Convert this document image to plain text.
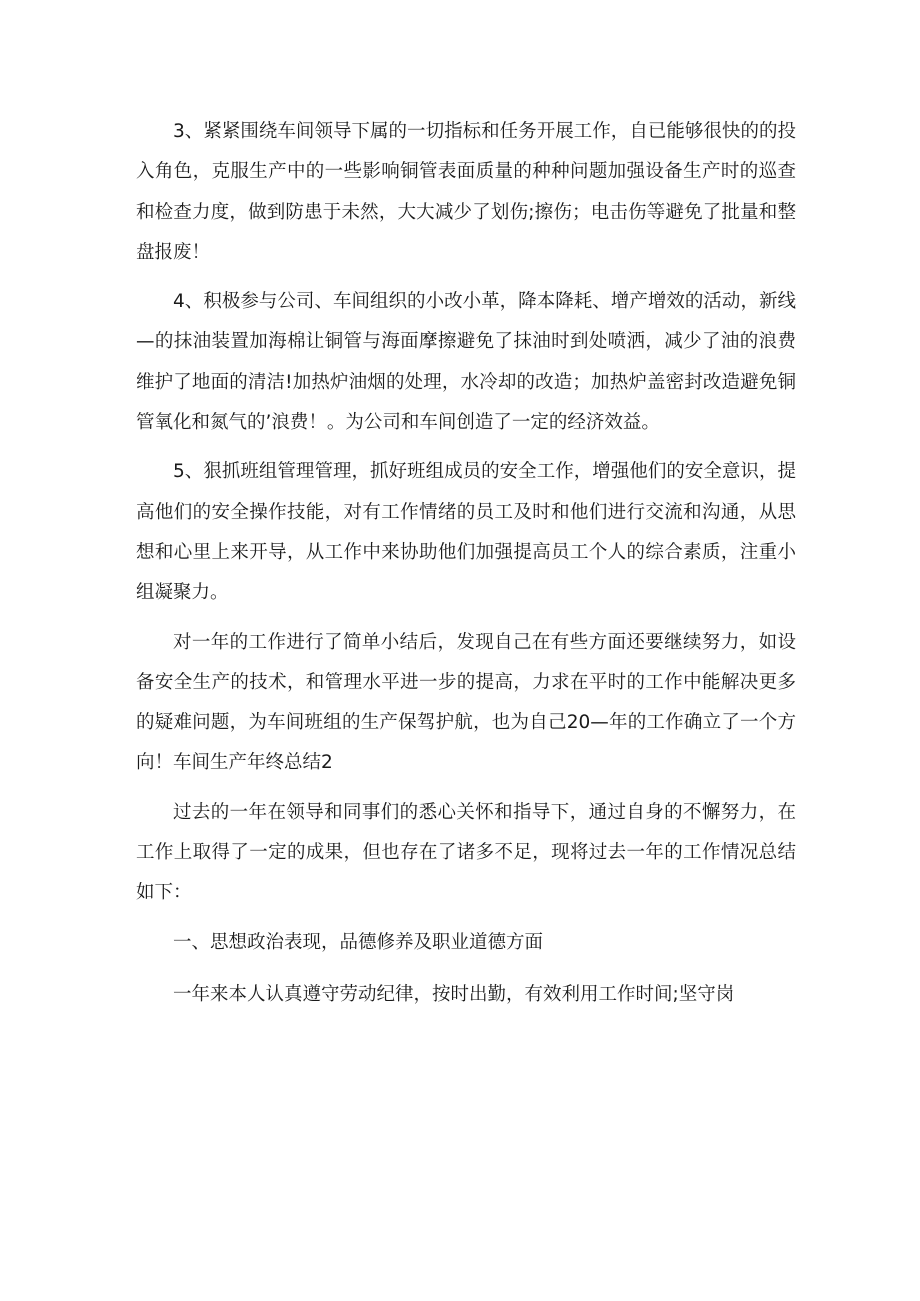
3、紧紧围绕车间领导下属的一切指标和任务开展工作，自已能够很快的的投入角色，克服生产中的一些影响铜管表面质量的种种问题加强设备生产时的巡查和检查力度，做到防患于未然，大大减少了划伤;擦伤；电击伤等避免了批量和整盘报废！

4、积极参与公司、车间组织的小改小革，降本降耗、增产增效的活动，新线—的抹油装置加海棉让铜管与海面摩擦避免了抹油时到处喷洒，减少了油的浪费维护了地面的清洁!加热炉油烟的处理，水冷却的改造；加热炉盖密封改造避免铜管氧化和氮气的’浪费！。为公司和车间创造了一定的经济效益。

5、狠抓班组管理管理，抓好班组成员的安全工作，增强他们的安全意识，提高他们的安全操作技能，对有工作情绪的员工及时和他们进行交流和沟通，从思想和心里上来开导，从工作中来协助他们加强提高员工个人的综合素质，注重小组凝聚力。

对一年的工作进行了简单小结后，发现自己在有些方面还要继续努力，如设备安全生产的技术，和管理水平进一步的提高，力求在平时的工作中能解决更多的疑难问题，为车间班组的生产保驾护航，也为自己20—年的工作确立了一个方向！车间生产年终总结2

过去的一年在领导和同事们的悉心关怀和指导下，通过自身的不懈努力，在工作上取得了一定的成果，但也存在了诸多不足，现将过去一年的工作情况总结如下：

一、思想政治表现，品德修养及职业道德方面

一年来本人认真遵守劳动纪律，按时出勤，有效利用工作时间;坚守岗
